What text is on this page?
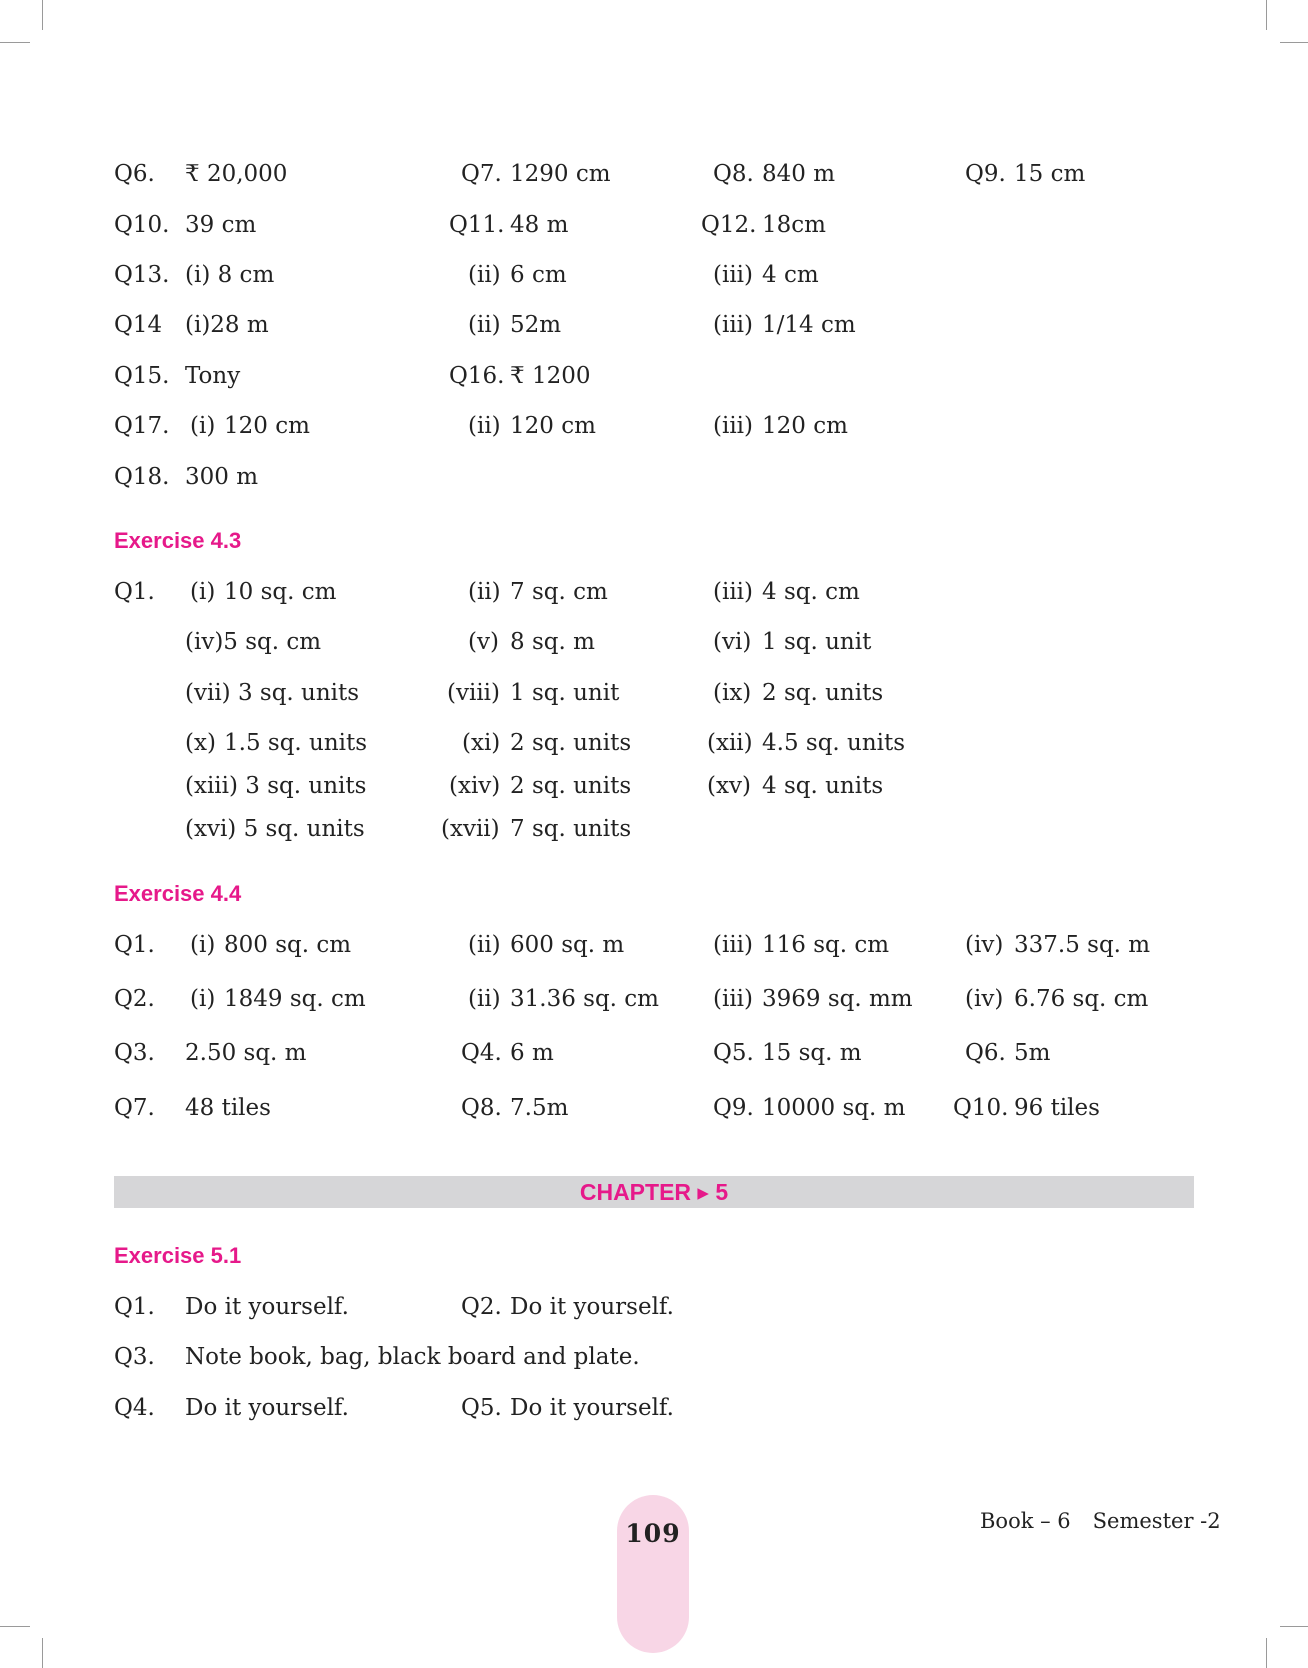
Q6. ₹ 20,000	Q7. 1290 cm	Q8. 840 m	Q9. 15 cm
Q10. 39 cm	Q11. 48 m	Q12. 18cm
Q13. (i) 8 cm	(ii) 6 cm	(iii) 4 cm
Q14 (i)28 m	(ii) 52m	(iii) 1/14 cm
Q15. Tony	Q16. ₹ 1200
Q17. (i) 120 cm	(ii) 120 cm	(iii) 120 cm
Q18. 300 m
Exercise 4.3
Q1. (i) 10 sq. cm	(ii) 7 sq. cm	(iii) 4 sq. cm
(iv)5 sq. cm	(v) 8 sq. m	(vi) 1 sq. unit
(vii) 3 sq. units	(viii) 1 sq. unit	(ix) 2 sq. units
(x) 1.5 sq. units	(xi) 2 sq. units	(xii) 4.5 sq. units
(xiii) 3 sq. units	(xiv) 2 sq. units	(xv) 4 sq. units
(xvi) 5 sq. units	(xvii) 7 sq. units
Exercise 4.4
Q1. (i) 800 sq. cm	(ii) 600 sq. m	(iii) 116 sq. cm	(iv) 337.5 sq. m
Q2. (i) 1849 sq. cm	(ii) 31.36 sq. cm (iii) 3969 sq. mm (iv) 6.76 sq. cm
Q3. 2.50 sq. m	Q4. 6 m	Q5. 15 sq. m	Q6. 5m
Q7. 48 tiles	Q8. 7.5m	Q9. 10000 sq. m Q10. 96 tiles
CHAPTER ▸ 5
Exercise 5.1
Q1. Do it yourself.	Q2. Do it yourself.
Q3. Note book, bag, black board and plate.
Q4. Do it yourself.	Q5. Do it yourself.
109	Book – 6 Semester -2
